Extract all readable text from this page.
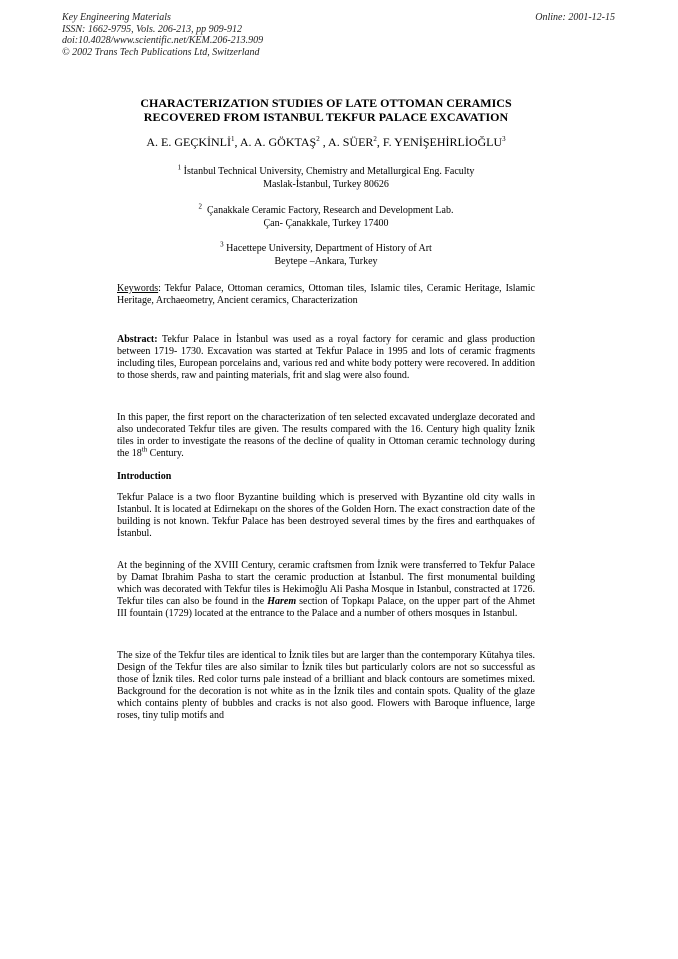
Key Engineering Materials
ISSN: 1662-9795, Vols. 206-213, pp 909-912
doi:10.4028/www.scientific.net/KEM.206-213.909
© 2002 Trans Tech Publications Ltd, Switzerland
Online: 2001-12-15
CHARACTERIZATION STUDIES OF LATE OTTOMAN CERAMICS
RECOVERED FROM ISTANBUL TEKFUR PALACE EXCAVATION
A. E. GEÇKİNLİ$^1$, A. A. GÖKTAŞ$^2$ , A. SÜER$^2$, F. YENİŞEHİRLİOĞLU$^3$
$^1$ İstanbul Technical University, Chemistry and Metallurgical Eng. Faculty
Maslak-İstanbul, Turkey 80626
$^2$ Çanakkale Ceramic Factory, Research and Development Lab.
Çan- Çanakkale, Turkey 17400
$^3$ Hacettepe University, Department of History of Art
Beytepe –Ankara, Turkey
Keywords: Tekfur Palace, Ottoman ceramics, Ottoman tiles, Islamic tiles, Ceramic Heritage, Islamic Heritage, Archaeometry, Ancient ceramics, Characterization
Abstract: Tekfur Palace in İstanbul was used as a royal factory for ceramic and glass production between 1719- 1730. Excavation was started at Tekfur Palace in 1995 and lots of ceramic fragments including tiles, European porcelains and, various red and white body pottery were recovered. In addition to those sherds, raw and painting materials, frit and slag were also found.
In this paper, the first report on the characterization of ten selected excavated underglaze decorated and also undecorated Tekfur tiles are given. The results compared with the 16. Century high quality İznik tiles in order to investigate the reasons of the decline of quality in Ottoman ceramic technology during the 18th Century.
Introduction
Tekfur Palace is a two floor Byzantine building which is preserved with Byzantine old city walls in Istanbul. It is located at Edirnekapı on the shores of the Golden Horn. The exact constraction date of the building is not known. Tekfur Palace has been destroyed several times by the fires and earthquakes of İstanbul.
At the beginning of the XVIII Century, ceramic craftsmen from İznik were transferred to Tekfur Palace by Damat Ibrahim Pasha to start the ceramic production at İstanbul. The first monumental building which was decorated with Tekfur tiles is Hekimoğlu Ali Pasha Mosque in Istanbul, constracted at 1726. Tekfur tiles can also be found in the Harem section of Topkapı Palace, on the upper part of the Ahmet III fountain (1729) located at the entrance to the Palace and a number of others mosques in Istanbul.
The size of the Tekfur tiles are identical to İznik tiles but are larger than the contemporary Kütahya tiles. Design of the Tekfur tiles are also similar to İznik tiles but particularly colors are not so successful as those of İznik tiles. Red color turns pale instead of a brilliant and black contours are sometimes mixed. Background for the decoration is not white as in the İznik tiles and contain spots. Quality of the glaze which contains plenty of bubbles and cracks is not also good. Flowers with Baroque influence, large roses, tiny tulip motifs and
